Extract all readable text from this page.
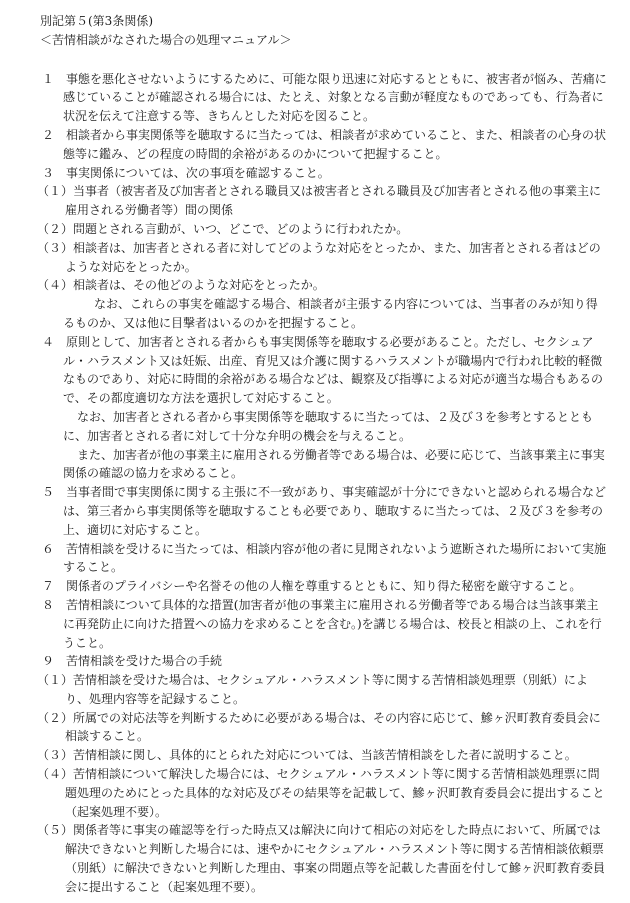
別記第５(第3条関係)

＜苦情相談がなされた場合の処理マニュアル＞

１　事態を悪化させないようにするために、可能な限り迅速に対応するとともに、被害者が悩み、苦痛に感じていることが確認される場合には、たとえ、対象となる言動が軽度なものであっても、行為者に状況を伝えて注意する等、きちんとした対応を図ること。

２　相談者から事実関係等を聴取するに当たっては、相談者が求めていること、また、相談者の心身の状態等に鑑み、どの程度の時間的余裕があるのかについて把握すること。

３　事実関係については、次の事項を確認すること。

（１）当事者（被害者及び加害者とされる職員又は被害者とされる職員及び加害者とされる他の事業主に雇用される労働者等）間の関係

（２）問題とされる言動が、いつ、どこで、どのように行われたか。

（３）相談者は、加害者とされる者に対してどのような対応をとったか、また、加害者とされる者はどのような対応をとったか。

（４）相談者は、その他どのような対応をとったか。

なお、これらの事実を確認する場合、相談者が主張する内容については、当事者のみが知り得るものか、又は他に目撃者はいるのかを把握すること。

４　原則として、加害者とされる者からも事実関係等を聴取する必要があること。ただし、セクシュアル・ハラスメント又は妊娠、出産、育児又は介護に関するハラスメントが職場内で行われ比較的軽微なものであり、対応に時間的余裕がある場合などは、観察及び指導による対応が適当な場合もあるので、その都度適切な方法を選択して対応すること。

なお、加害者とされる者から事実関係等を聴取するに当たっては、２及び３を参考とするとともに、加害者とされる者に対して十分な弁明の機会を与えること。

また、加害者が他の事業主に雇用される労働者等である場合は、必要に応じて、当該事業主に事実関係の確認の協力を求めること。

５　当事者間で事実関係に関する主張に不一致があり、事実確認が十分にできないと認められる場合などは、第三者から事実関係等を聴取することも必要であり、聴取するに当たっては、２及び３を参考の上、適切に対応すること。

６　苦情相談を受けるに当たっては、相談内容が他の者に見聞されないよう遮断された場所において実施すること。

７　関係者のプライバシーや名誉その他の人権を尊重するとともに、知り得た秘密を厳守すること。

８　苦情相談について具体的な措置(加害者が他の事業主に雇用される労働者等である場合は当該事業主に再発防止に向けた措置への協力を求めることを含む。)を講じる場合は、校長と相談の上、これを行うこと。

９　苦情相談を受けた場合の手続

（１）苦情相談を受けた場合は、セクシュアル・ハラスメント等に関する苦情相談処理票（別紙）により、処理内容等を記録すること。

（２）所属での対応法等を判断するために必要がある場合は、その内容に応じて、鰺ヶ沢町教育委員会に相談すること。

（３）苦情相談に関し、具体的にとられた対応については、当該苦情相談をした者に説明すること。

（４）苦情相談について解決した場合には、セクシュアル・ハラスメント等に関する苦情相談処理票に問題処理のためにとった具体的な対応及びその結果等を記載して、鰺ヶ沢町教育委員会に提出すること（起案処理不要）。

（５）関係者等に事実の確認等を行った時点又は解決に向けて相応の対応をした時点において、所属では解決できないと判断した場合には、速やかにセクシュアル・ハラスメント等に関する苦情相談依頼票（別紙）に解決できないと判断した理由、事案の問題点等を記載した書面を付して鰺ヶ沢町教育委員会に提出すること（起案処理不要）。
